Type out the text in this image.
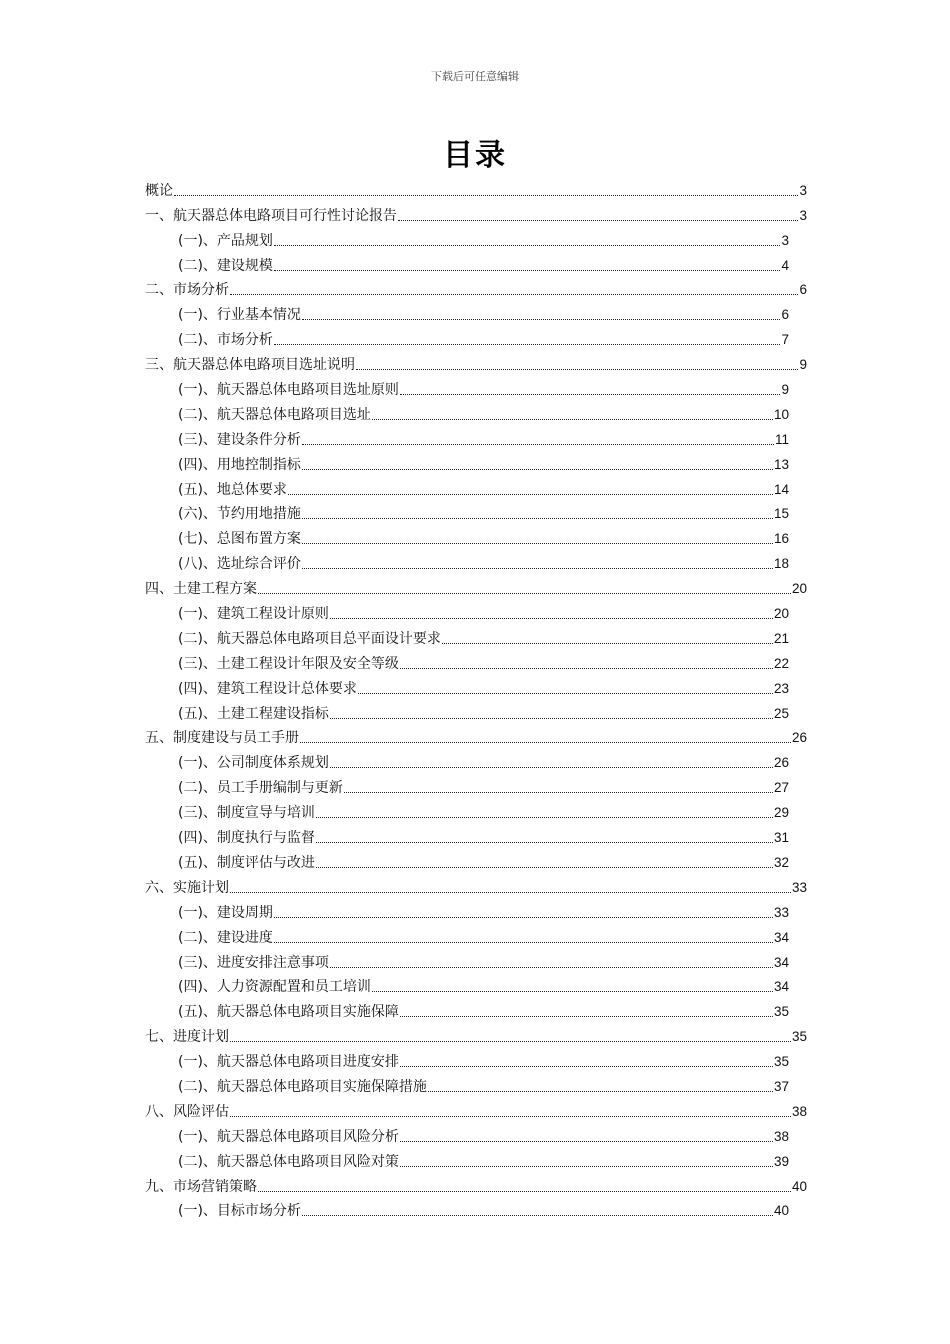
下载后可任意编辑
目录
概论	3
一、航天器总体电路项目可行性讨论报告	3
(一)、产品规划	3
(二)、建设规模	4
二、市场分析	6
(一)、行业基本情况	6
(二)、市场分析	7
三、航天器总体电路项目选址说明	9
(一)、航天器总体电路项目选址原则	9
(二)、航天器总体电路项目选址	10
(三)、建设条件分析	11
(四)、用地控制指标	13
(五)、地总体要求	14
(六)、节约用地措施	15
(七)、总图布置方案	16
(八)、选址综合评价	18
四、土建工程方案	20
(一)、建筑工程设计原则	20
(二)、航天器总体电路项目总平面设计要求	21
(三)、土建工程设计年限及安全等级	22
(四)、建筑工程设计总体要求	23
(五)、土建工程建设指标	25
五、制度建设与员工手册	26
(一)、公司制度体系规划	26
(二)、员工手册编制与更新	27
(三)、制度宣导与培训	29
(四)、制度执行与监督	31
(五)、制度评估与改进	32
六、实施计划	33
(一)、建设周期	33
(二)、建设进度	34
(三)、进度安排注意事项	34
(四)、人力资源配置和员工培训	34
(五)、航天器总体电路项目实施保障	35
七、进度计划	35
(一)、航天器总体电路项目进度安排	35
(二)、航天器总体电路项目实施保障措施	37
八、风险评估	38
(一)、航天器总体电路项目风险分析	38
(二)、航天器总体电路项目风险对策	39
九、市场营销策略	40
(一)、目标市场分析	40
